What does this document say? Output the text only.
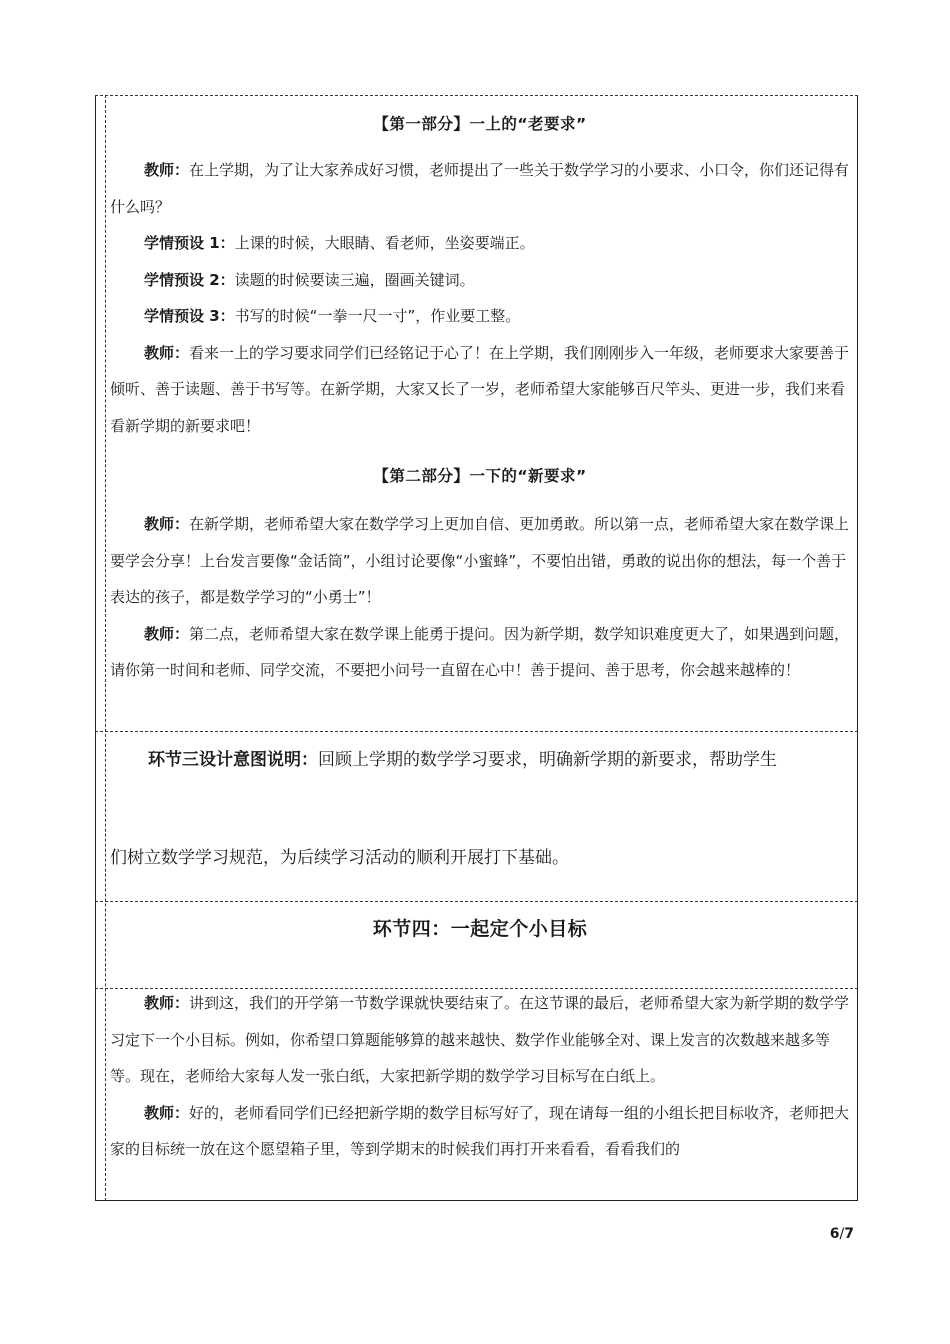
【第一部分】一上的“老要求”

教师：在上学期，为了让大家养成好习惯，老师提出了一些关于数学学习的小要求、小口令，你们还记得有什么吗？

学情预设 1：上课的时候，大眼睛、看老师，坐姿要端正。

学情预设 2：读题的时候要读三遍，圈画关键词。

学情预设 3：书写的时候“一拳一尺一寸”，作业要工整。

教师：看来一上的学习要求同学们已经铭记于心了！在上学期，我们刚刚步入一年级，老师要求大家要善于倾听、善于读题、善于书写等。在新学期，大家又长了一岁，老师希望大家能够百尺竿头、更进一步，我们来看看新学期的新要求吧！

【第二部分】一下的“新要求”

教师：在新学期，老师希望大家在数学学习上更加自信、更加勇敢。所以第一点，老师希望大家在数学课上要学会分享！上台发言要像“金话筒”，小组讨论要像“小蜜蜂”，不要怕出错，勇敢的说出你的想法，每一个善于表达的孩子，都是数学学习的“小勇士”！

教师：第二点，老师希望大家在数学课上能勇于提问。因为新学期，数学知识难度更大了，如果遇到问题，请你第一时间和老师、同学交流，不要把小问号一直留在心中！善于提问、善于思考，你会越来越棒的！

环节三设计意图说明：回顾上学期的数学学习要求，明确新学期的新要求，帮助学生

们树立数学学习规范，为后续学习活动的顺利开展打下基础。

环节四：一起定个小目标

教师：讲到这，我们的开学第一节数学课就快要结束了。在这节课的最后，老师希望大家为新学期的数学学习定下一个小目标。例如，你希望口算题能够算的越来越快、数学作业能够全对、课上发言的次数越来越多等等。现在，老师给大家每人发一张白纸，大家把新学期的数学学习目标写在白纸上。

教师：好的，老师看同学们已经把新学期的数学目标写好了，现在请每一组的小组长把目标收齐，老师把大家的目标统一放在这个愿望箱子里，等到学期末的时候我们再打开来看看，看看我们的

6/7
